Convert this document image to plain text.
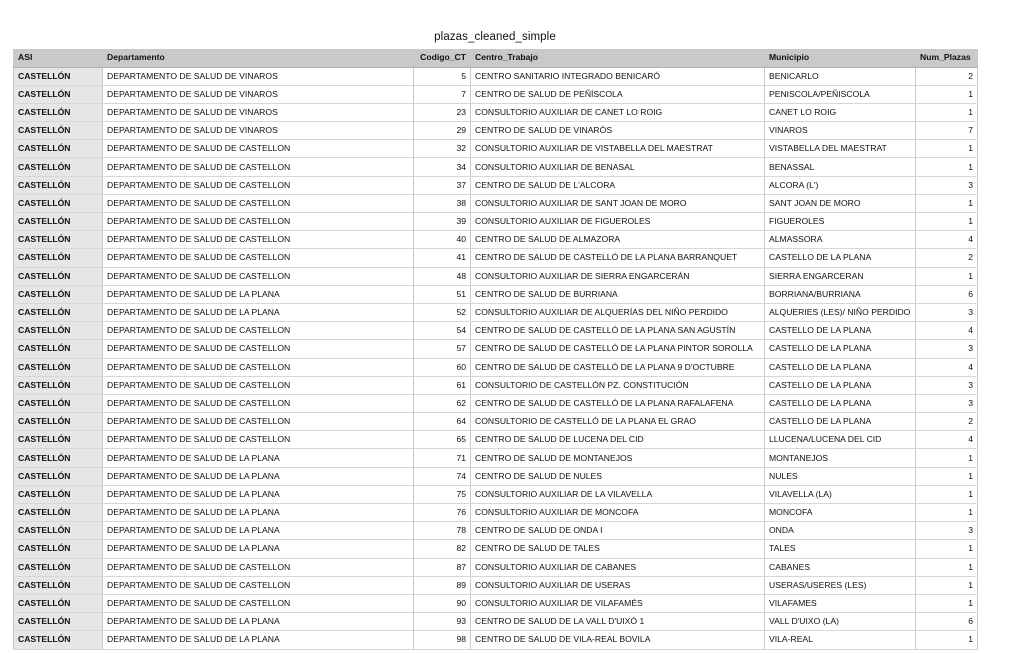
plazas_cleaned_simple
ASI	Departamento	Codigo_CT	Centro_Trabajo	Municipio	Num_Plazas
CASTELLÓN	DEPARTAMENTO DE SALUD DE VINAROS	5	CENTRO SANITARIO INTEGRADO BENICARÓ	BENICARLO	2
CASTELLÓN	DEPARTAMENTO DE SALUD DE VINAROS	7	CENTRO DE SALUD DE PEÑÍSCOLA	PENISCOLA/PEÑISCOLA	1
CASTELLÓN	DEPARTAMENTO DE SALUD DE VINAROS	23	CONSULTORIO AUXILIAR DE CANET LO ROIG	CANET LO ROIG	1
CASTELLÓN	DEPARTAMENTO DE SALUD DE VINAROS	29	CENTRO DE SALUD DE VINARÒS	VINAROS	7
CASTELLÓN	DEPARTAMENTO DE SALUD DE CASTELLON	32	CONSULTORIO AUXILIAR DE VISTABELLA DEL MAESTRAT	VISTABELLA DEL MAESTRAT	1
CASTELLÓN	DEPARTAMENTO DE SALUD DE CASTELLON	34	CONSULTORIO AUXILIAR DE BENASAL	BENASSAL	1
CASTELLÓN	DEPARTAMENTO DE SALUD DE CASTELLON	37	CENTRO DE SALUD DE L'ALCORA	ALCORA (L')	3
CASTELLÓN	DEPARTAMENTO DE SALUD DE CASTELLON	38	CONSULTORIO AUXILIAR DE SANT JOAN DE MORO	SANT JOAN DE MORO	1
CASTELLÓN	DEPARTAMENTO DE SALUD DE CASTELLON	39	CONSULTORIO AUXILIAR DE FIGUEROLES	FIGUEROLES	1
CASTELLÓN	DEPARTAMENTO DE SALUD DE CASTELLON	40	CENTRO DE SALUD DE ALMAZORA	ALMASSORA	4
CASTELLÓN	DEPARTAMENTO DE SALUD DE CASTELLON	41	CENTRO DE SALUD DE CASTELLÓ DE LA PLANA BARRANQUET	CASTELLO DE LA PLANA	2
CASTELLÓN	DEPARTAMENTO DE SALUD DE CASTELLON	48	CONSULTORIO AUXILIAR DE SIERRA ENGARCERÁN	SIERRA ENGARCERAN	1
CASTELLÓN	DEPARTAMENTO DE SALUD DE LA PLANA	51	CENTRO DE SALUD DE BURRIANA	BORRIANA/BURRIANA	6
CASTELLÓN	DEPARTAMENTO DE SALUD DE LA PLANA	52	CONSULTORIO AUXILIAR DE ALQUERÍAS DEL NIÑO PERDIDO	ALQUERIES (LES)/ NIÑO PERDIDO	3
CASTELLÓN	DEPARTAMENTO DE SALUD DE CASTELLON	54	CENTRO DE SALUD DE CASTELLÓ DE LA PLANA SAN AGUSTÍN	CASTELLO DE LA PLANA	4
CASTELLÓN	DEPARTAMENTO DE SALUD DE CASTELLON	57	CENTRO DE SALUD DE CASTELLÓ DE LA PLANA PINTOR SOROLLA	CASTELLO DE LA PLANA	3
CASTELLÓN	DEPARTAMENTO DE SALUD DE CASTELLON	60	CENTRO DE SALUD DE CASTELLÓ DE LA PLANA 9 D'OCTUBRE	CASTELLO DE LA PLANA	4
CASTELLÓN	DEPARTAMENTO DE SALUD DE CASTELLON	61	CONSULTORIO DE CASTELLÓN PZ. CONSTITUCIÓN	CASTELLO DE LA PLANA	3
CASTELLÓN	DEPARTAMENTO DE SALUD DE CASTELLON	62	CENTRO DE SALUD DE CASTELLÓ DE LA PLANA RAFALAFENA	CASTELLO DE LA PLANA	3
CASTELLÓN	DEPARTAMENTO DE SALUD DE CASTELLON	64	CONSULTORIO DE CASTELLÓ DE LA PLANA EL GRAO	CASTELLO DE LA PLANA	2
CASTELLÓN	DEPARTAMENTO DE SALUD DE CASTELLON	65	CENTRO DE SALUD DE LUCENA DEL CID	LLUCENA/LUCENA DEL CID	4
CASTELLÓN	DEPARTAMENTO DE SALUD DE LA PLANA	71	CENTRO DE SALUD DE MONTANEJOS	MONTANEJOS	1
CASTELLÓN	DEPARTAMENTO DE SALUD DE LA PLANA	74	CENTRO DE SALUD DE NULES	NULES	1
CASTELLÓN	DEPARTAMENTO DE SALUD DE LA PLANA	75	CONSULTORIO AUXILIAR DE LA VILAVELLA	VILAVELLA (LA)	1
CASTELLÓN	DEPARTAMENTO DE SALUD DE LA PLANA	76	CONSULTORIO AUXILIAR DE MONCOFA	MONCOFA	1
CASTELLÓN	DEPARTAMENTO DE SALUD DE LA PLANA	78	CENTRO DE SALUD DE ONDA I	ONDA	3
CASTELLÓN	DEPARTAMENTO DE SALUD DE LA PLANA	82	CENTRO DE SALUD DE TALES	TALES	1
CASTELLÓN	DEPARTAMENTO DE SALUD DE CASTELLON	87	CONSULTORIO AUXILIAR DE CABANES	CABANES	1
CASTELLÓN	DEPARTAMENTO DE SALUD DE CASTELLON	89	CONSULTORIO AUXILIAR DE USERAS	USERAS/USERES (LES)	1
CASTELLÓN	DEPARTAMENTO DE SALUD DE CASTELLON	90	CONSULTORIO AUXILIAR DE VILAFAMÉS	VILAFAMES	1
CASTELLÓN	DEPARTAMENTO DE SALUD DE LA PLANA	93	CENTRO DE SALUD DE LA VALL D'UIXÓ 1	VALL D'UIXO (LA)	6
CASTELLÓN	DEPARTAMENTO DE SALUD DE LA PLANA	98	CENTRO DE SALUD DE VILA-REAL BOVILA	VILA-REAL	1
